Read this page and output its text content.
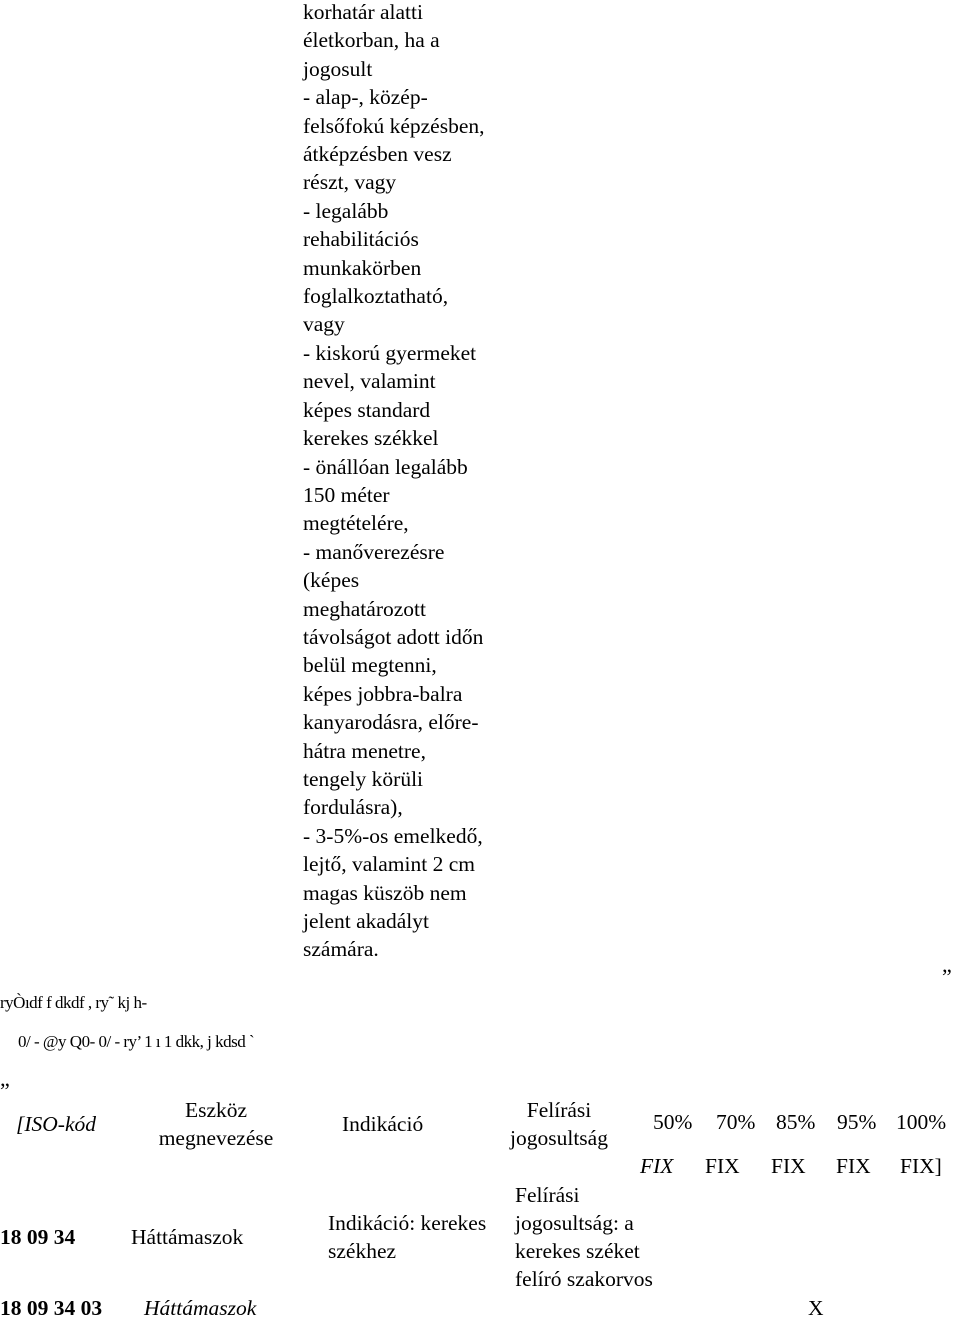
korhatár alatti
életkorban, ha a
jogosult
- alap-, közép-
felsőfokú képzésben,
átképzésben vesz
részt, vagy
- legalább
rehabilitációs
munkakörben
foglalkoztatható,
vagy
- kiskorú gyermeket
nevel, valamint
képes standard
kerekes székkel
- önállóan legalább
150 méter
megtételére,
- manőverezésre
(képes
meghatározott
távolságot adott időn
belül megtenni,
képes jobbra-balra
kanyarodásra, előre-
hátra menetre,
tengely körüli
fordulásra),
- 3-5%-os emelkedő,
lejtő, valamint 2 cm
magas küszöb nem
jelent akadályt
számára.
„
ryÒıdf f dkdf , ry˜ kj h-
0/ - @y Q0- 0/ - ry’ 1 ı 1 dkk, j kdsd `
„
[ISO-kód
Eszköz
megnevezése
Indikáció
Felírási
jogosultság
50% 70% 85% 95% 100%
FIX FIX FIX FIX FIX]
18 09 34	Háttámaszok
Indikáció: kerekes
székhez
Felírási
jogosultság: a
kerekes széket
felíró szakorvos
18 09 34 03 Háttámaszok	X
